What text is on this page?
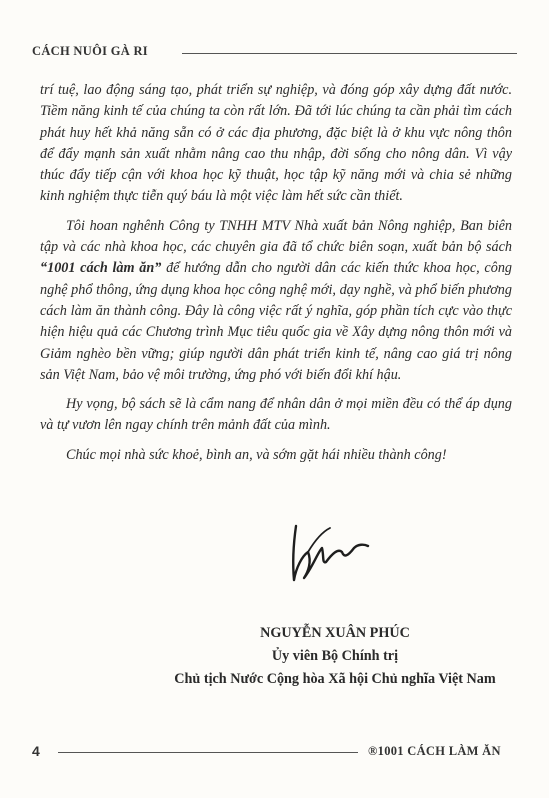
CÁCH NUÔI GÀ RI

trí tuệ, lao động sáng tạo, phát triển sự nghiệp, và đóng góp xây dựng đất nước. Tiềm năng kinh tế của chúng ta còn rất lớn. Đã tới lúc chúng ta cần phải tìm cách phát huy hết khả năng sẵn có ở các địa phương, đặc biệt là ở khu vực nông thôn để đẩy mạnh sản xuất nhằm nâng cao thu nhập, đời sống cho nông dân. Vì vậy thúc đẩy tiếp cận với khoa học kỹ thuật, học tập kỹ năng mới và chia sẻ những kinh nghiệm thực tiễn quý báu là một việc làm hết sức cần thiết.

Tôi hoan nghênh Công ty TNHH MTV Nhà xuất bản Nông nghiệp, Ban biên tập và các nhà khoa học, các chuyên gia đã tổ chức biên soạn, xuất bản bộ sách “1001 cách làm ăn” để hướng dẫn cho người dân các kiến thức khoa học, công nghệ phổ thông, ứng dụng khoa học công nghệ mới, dạy nghề, và phổ biến phương cách làm ăn thành công. Đây là công việc rất ý nghĩa, góp phần tích cực vào thực hiện hiệu quả các Chương trình Mục tiêu quốc gia về Xây dựng nông thôn mới và Giảm nghèo bền vững; giúp người dân phát triển kinh tế, nâng cao giá trị nông sản Việt Nam, bảo vệ môi trường, ứng phó với biến đổi khí hậu.

Hy vọng, bộ sách sẽ là cẩm nang để nhân dân ở mọi miền đều có thể áp dụng và tự vươn lên ngay chính trên mảnh đất của mình.

Chúc mọi nhà sức khoẻ, bình an, và sớm gặt hái nhiều thành công!

NGUYỄN XUÂN PHÚC
Ủy viên Bộ Chính trị
Chủ tịch Nước Cộng hòa Xã hội Chủ nghĩa Việt Nam
4	®1001 CÁCH LÀM ĂN
